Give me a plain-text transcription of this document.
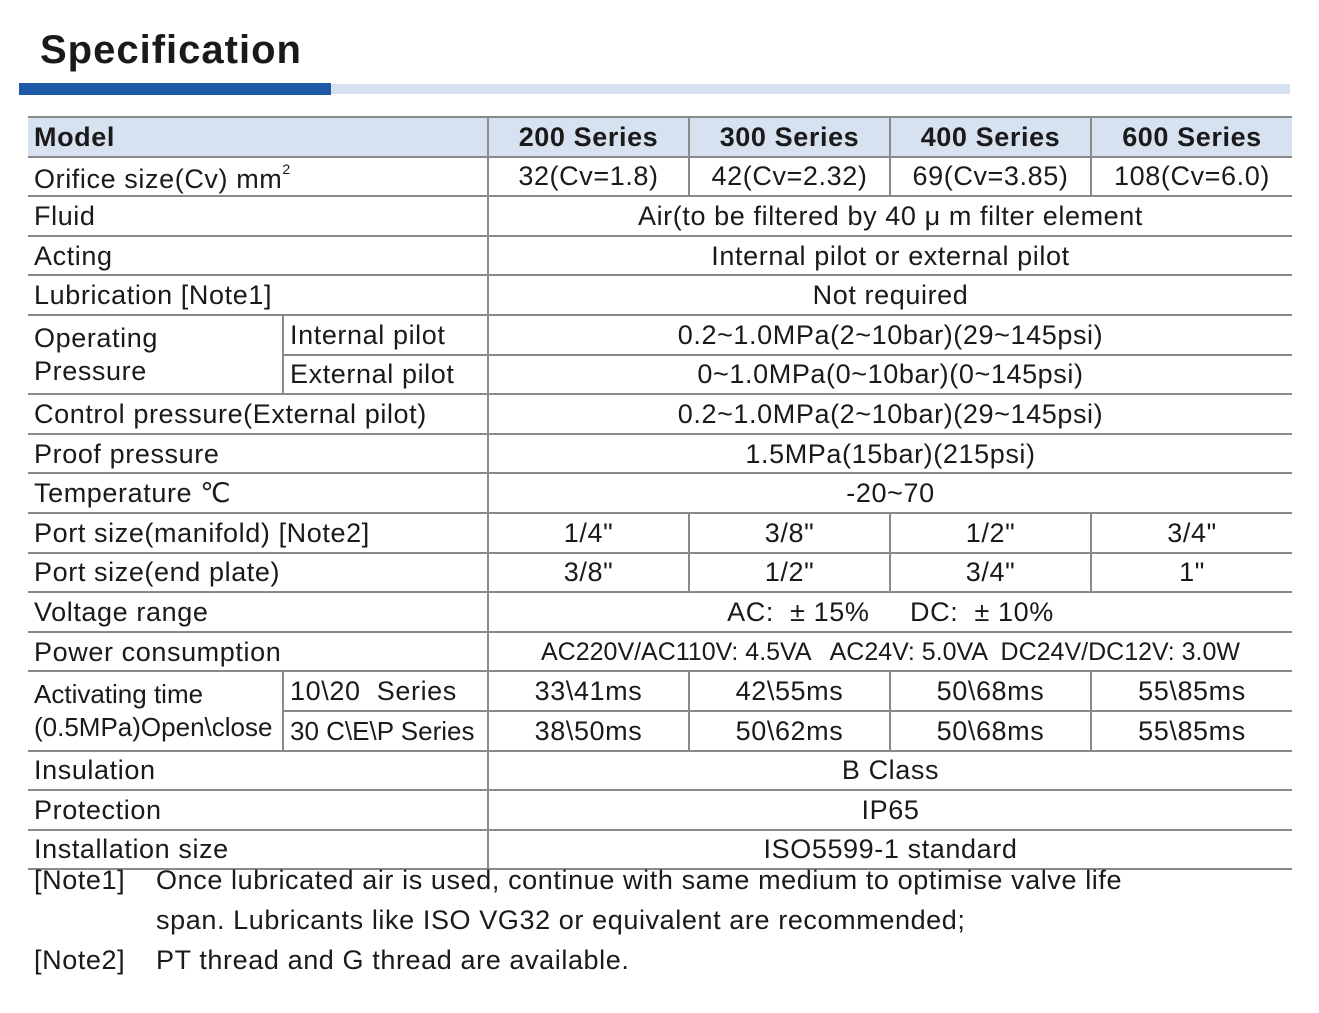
Specification
Model		200 Series	300 Series	400 Series	600 Series
Orifice size(Cv) $mm^2$		32(Cv=1.8)	42(Cv=2.32)	69(Cv=3.85)	108(Cv=6.0)
Fluid		Air(to be filtered by 40 μ m filter element			
Acting		Internal pilot or external pilot			
Lubrication [Note1]		Not required			

Operating
Pressure	Internal pilot	0.2~1.0MPa(2~10bar)(29~145psi)			
	External pilot	0~1.0MPa(0~10bar)(0~145psi)			
Control pressure(External pilot)		0.2~1.0MPa(2~10bar)(29~145psi)			
Proof pressure		1.5MPa(15bar)(215psi)			
Temperature ℃		-20~70			
Port size(manifold) [Note2]		1/4"	3/8"	1/2"	3/4"
Port size(end plate)		3/8"	1/2"	3/4"	1"
Voltage range		AC:  ± 15%     DC:  ± 10%			
Power consumption		AC220V/AC110V: 4.5VA   AC24V: 5.0VA  DC24V/DC12V: 3.0W			

Activating time
(0.5MPa)Open\close	10\20  Series	33\41ms	42\55ms	50\68ms	55\85ms
	30 C\E\P Series	38\50ms	50\62ms	50\68ms	55\85ms
Insulation		B Class			
Protection		IP65			
Installation size		ISO5599-1 standard			
[Note1]	Once lubricated air is used, continue with same medium to optimise valve life
span. Lubricants like ISO VG32 or equivalent are recommended;
[Note2]	PT thread and G thread are available.
